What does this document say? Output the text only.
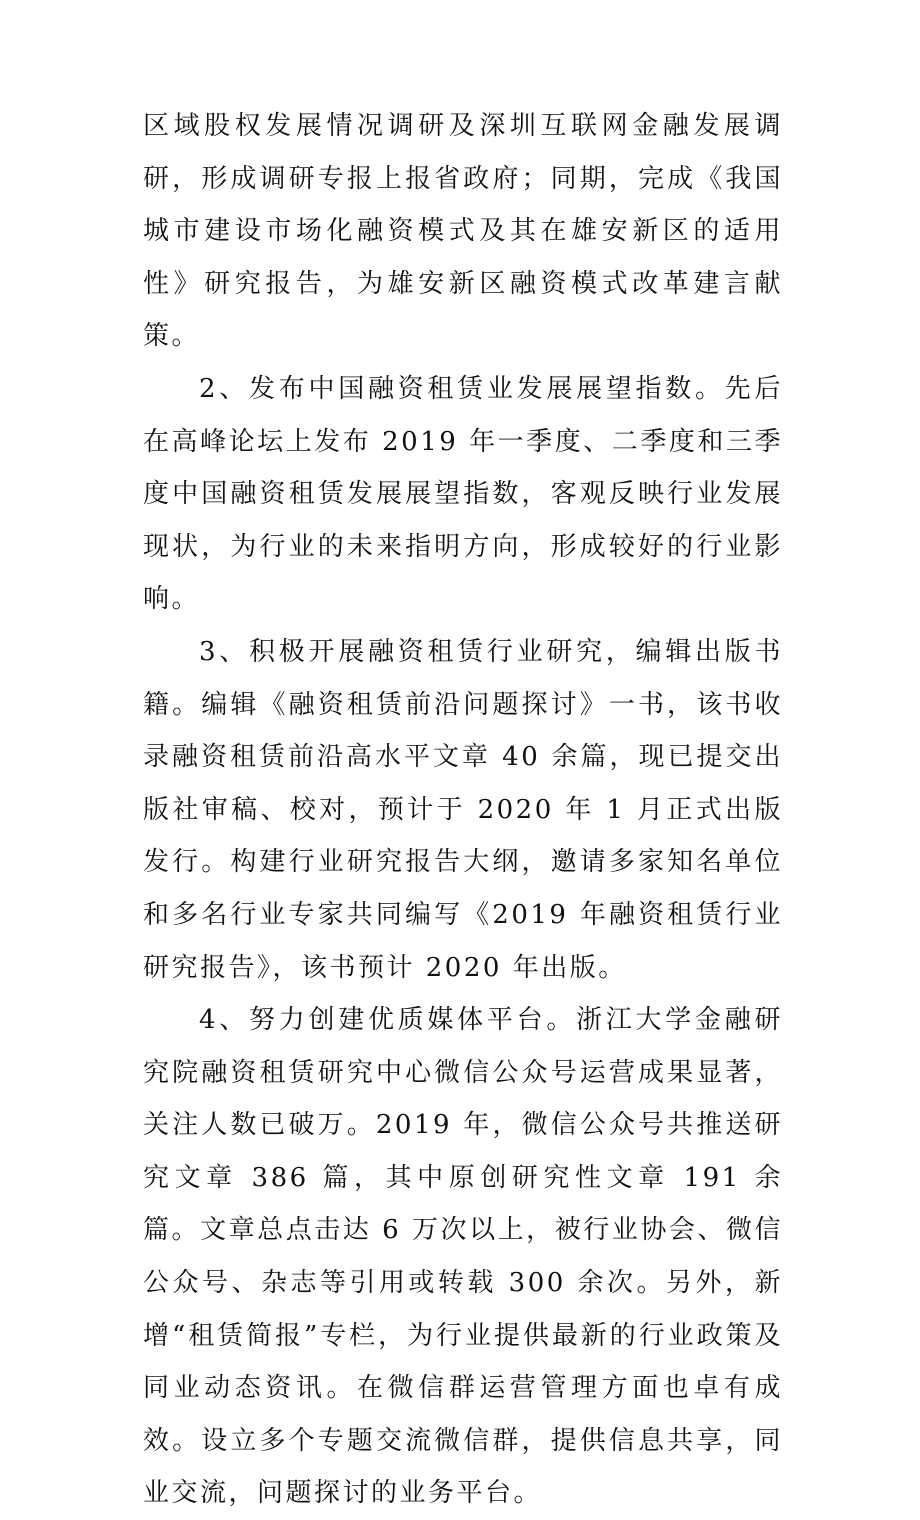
区域股权发展情况调研及深圳互联网金融发展调研，形成调研专报上报省政府；同期，完成《我国城市建设市场化融资模式及其在雄安新区的适用性》研究报告，为雄安新区融资模式改革建言献策。

2、发布中国融资租赁业发展展望指数。先后在高峰论坛上发布 2019 年一季度、二季度和三季度中国融资租赁发展展望指数，客观反映行业发展现状，为行业的未来指明方向，形成较好的行业影响。

3、积极开展融资租赁行业研究，编辑出版书籍。编辑《融资租赁前沿问题探讨》一书，该书收录融资租赁前沿高水平文章 40 余篇，现已提交出版社审稿、校对，预计于 2020 年 1 月正式出版发行。构建行业研究报告大纲，邀请多家知名单位和多名行业专家共同编写《2019 年融资租赁行业研究报告》，该书预计 2020 年出版。

4、努力创建优质媒体平台。浙江大学金融研究院融资租赁研究中心微信公众号运营成果显著，关注人数已破万。2019 年，微信公众号共推送研究文章 386 篇，其中原创研究性文章 191 余篇。文章总点击达 6 万次以上，被行业协会、微信公众号、杂志等引用或转载 300 余次。另外，新增“租赁简报”专栏，为行业提供最新的行业政策及同业动态资讯。在微信群运营管理方面也卓有成效。设立多个专题交流微信群，提供信息共享，同业交流，问题探讨的业务平台。
